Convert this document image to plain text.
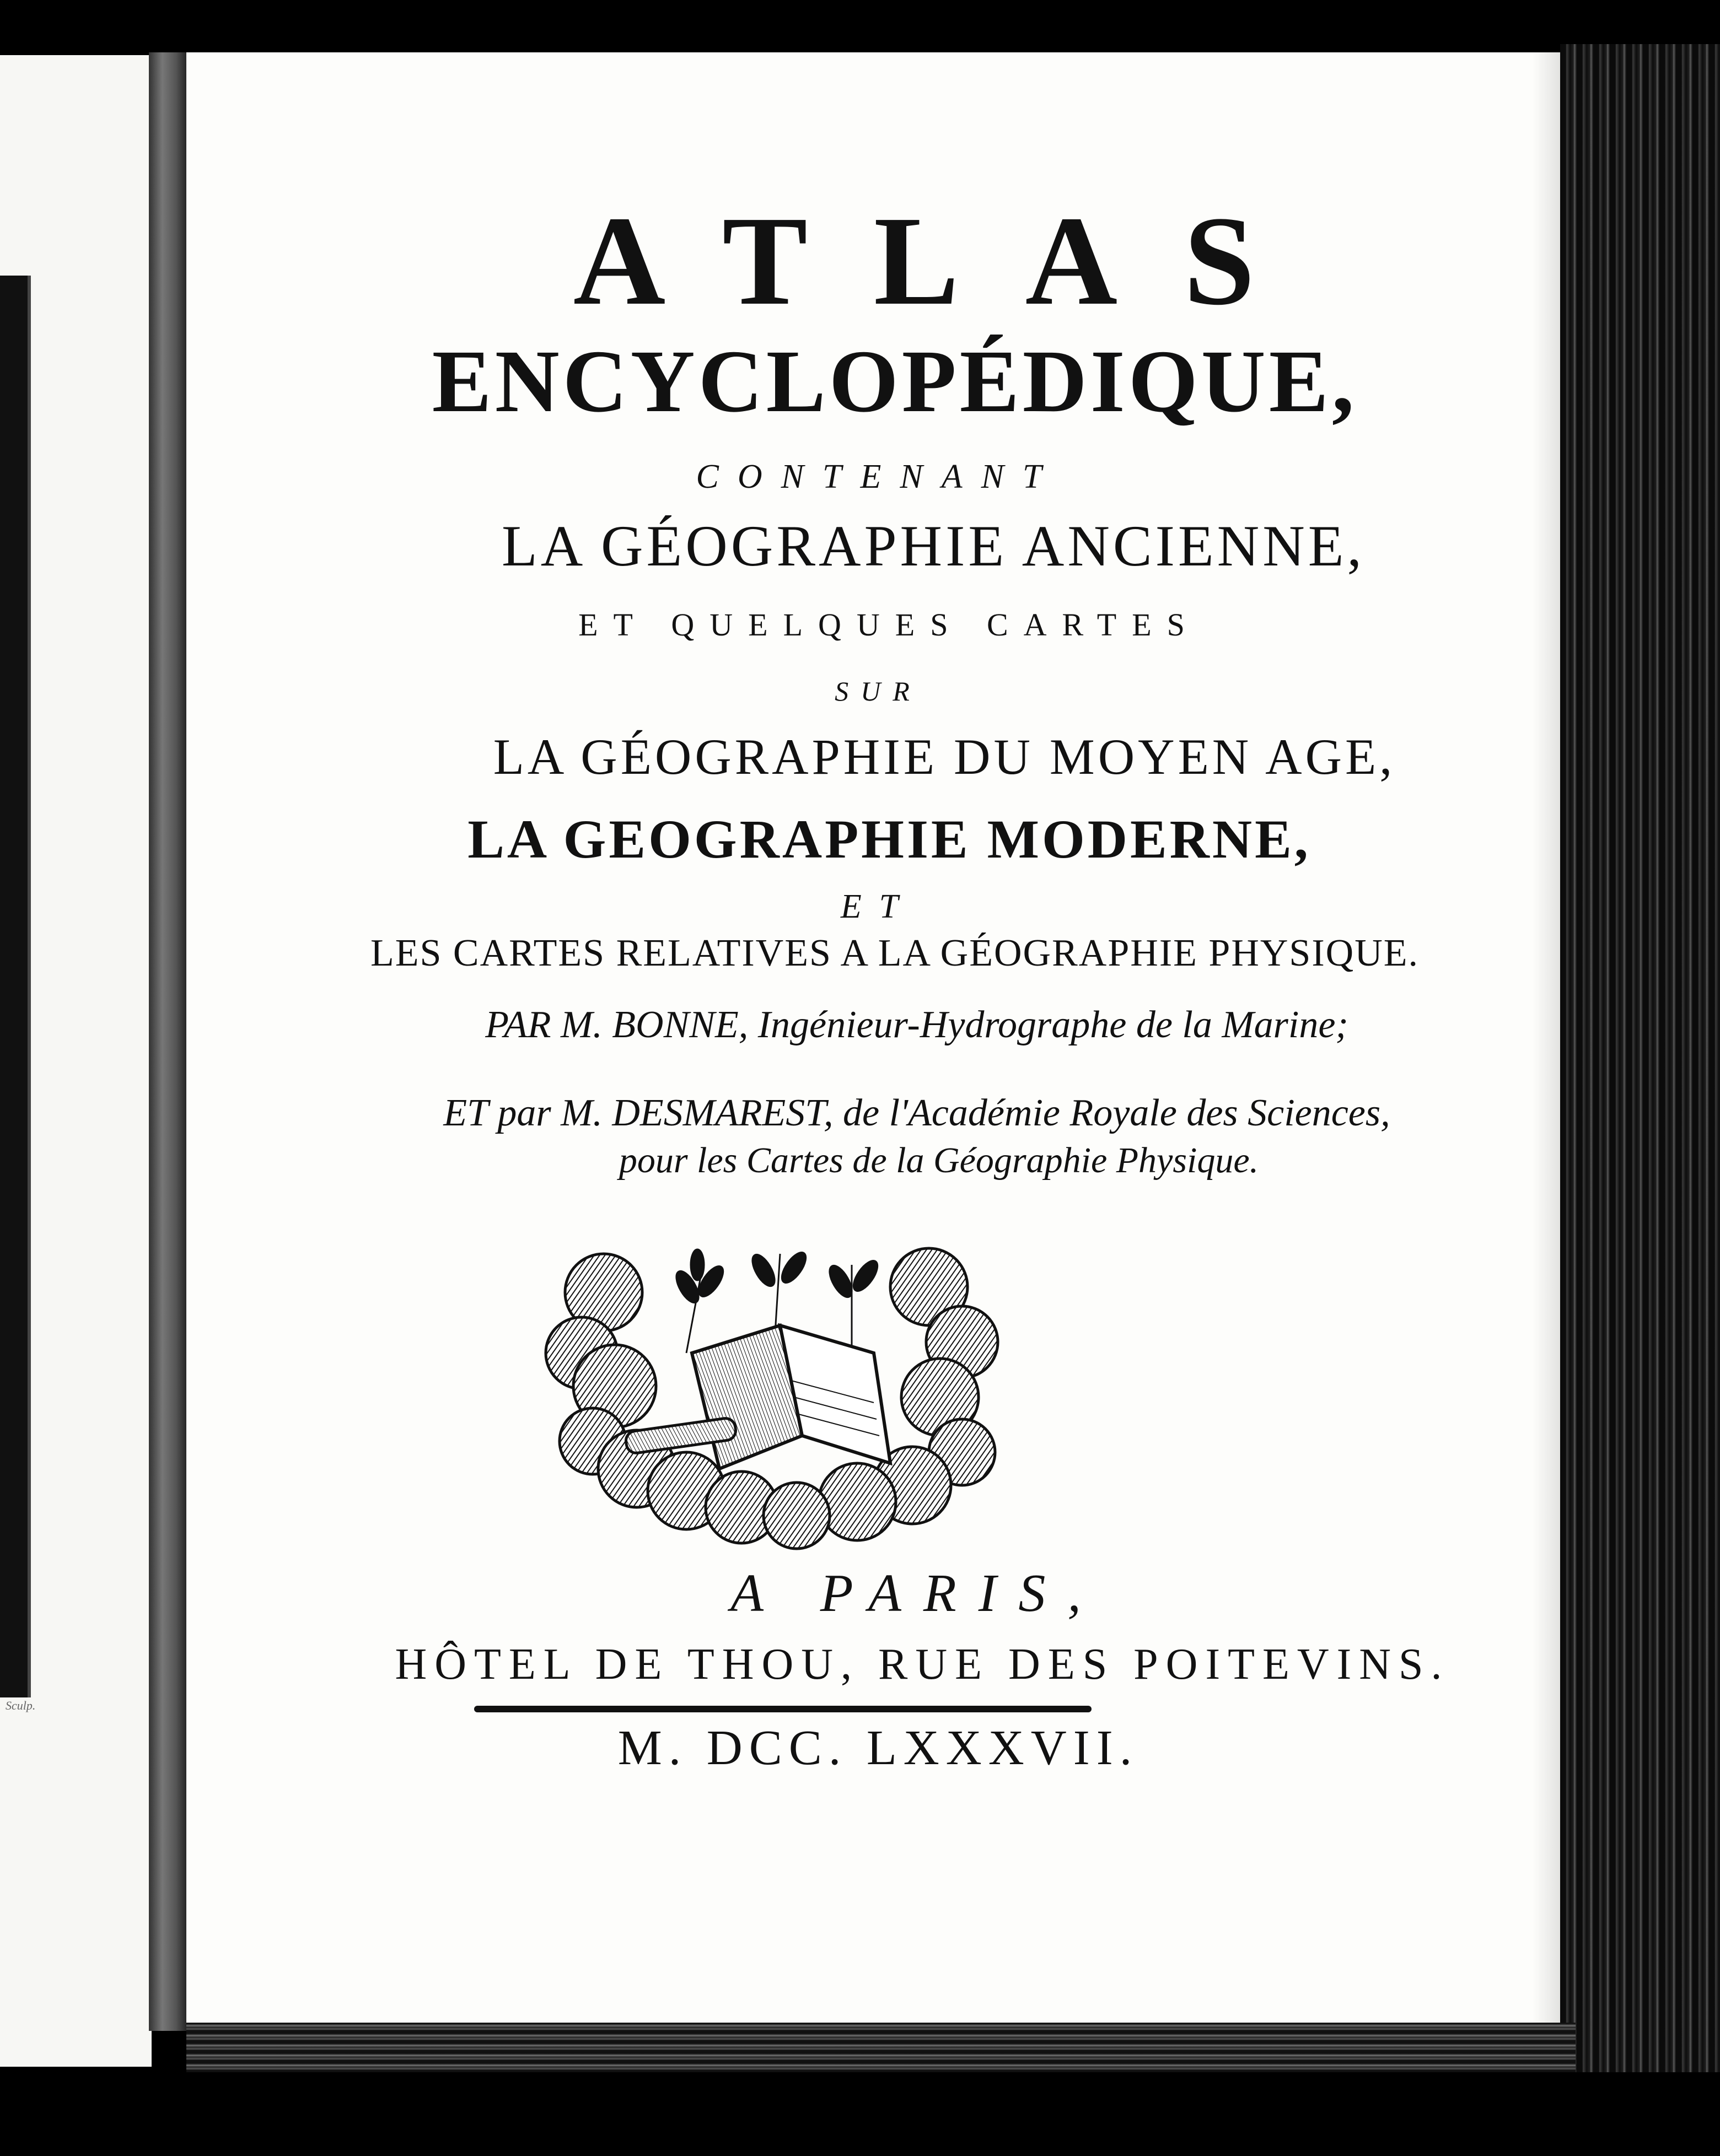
Sculp.
ATLAS
ENCYCLOPÉDIQUE,

CONTENANT

LA GÉOGRAPHIE ANCIENNE,

ET QUELQUES CARTES

SUR

LA GÉOGRAPHIE DU MOYEN AGE,

LA GEOGRAPHIE MODERNE,

ET

LES CARTES RELATIVES A LA GÉOGRAPHIE PHYSIQUE.

PAR M. BONNE, Ingénieur-Hydrographe de la Marine;

ET par M. DESMAREST, de l'Académie Royale des Sciences,

pour les Cartes de la Géographie Physique.

A PARIS,

HÔTEL DE THOU, RUE DES POITEVINS.

M. DCC. LXXXVII.
